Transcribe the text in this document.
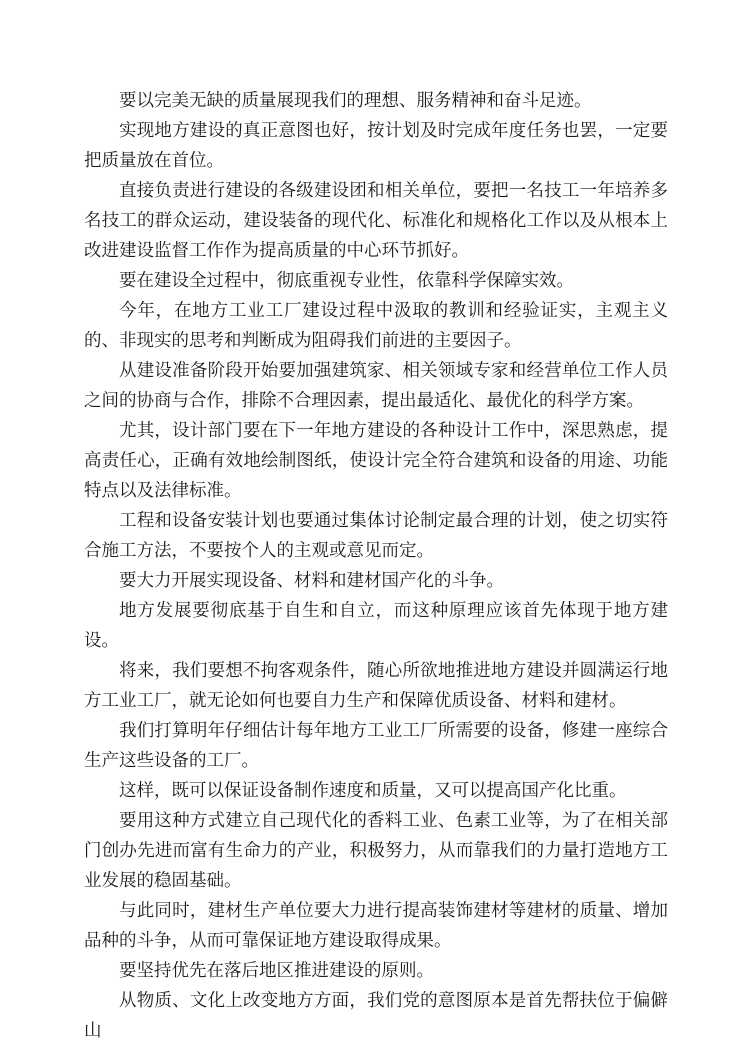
要以完美无缺的质量展现我们的理想、服务精神和奋斗足迹。

实现地方建设的真正意图也好，按计划及时完成年度任务也罢，一定要把质量放在首位。

直接负责进行建设的各级建设团和相关单位，要把一名技工一年培养多名技工的群众运动，建设装备的现代化、标准化和规格化工作以及从根本上改进建设监督工作作为提高质量的中心环节抓好。

要在建设全过程中，彻底重视专业性，依靠科学保障实效。

今年，在地方工业工厂建设过程中汲取的教训和经验证实，主观主义的、非现实的思考和判断成为阻碍我们前进的主要因子。

从建设准备阶段开始要加强建筑家、相关领域专家和经营单位工作人员之间的协商与合作，排除不合理因素，提出最适化、最优化的科学方案。

尤其，设计部门要在下一年地方建设的各种设计工作中，深思熟虑，提高责任心，正确有效地绘制图纸，使设计完全符合建筑和设备的用途、功能特点以及法律标准。

工程和设备安装计划也要通过集体讨论制定最合理的计划，使之切实符合施工方法，不要按个人的主观或意见而定。

要大力开展实现设备、材料和建材国产化的斗争。

地方发展要彻底基于自生和自立，而这种原理应该首先体现于地方建设。

将来，我们要想不拘客观条件，随心所欲地推进地方建设并圆满运行地方工业工厂，就无论如何也要自力生产和保障优质设备、材料和建材。

我们打算明年仔细估计每年地方工业工厂所需要的设备，修建一座综合生产这些设备的工厂。

这样，既可以保证设备制作速度和质量，又可以提高国产化比重。

要用这种方式建立自己现代化的香料工业、色素工业等，为了在相关部门创办先进而富有生命力的产业，积极努力，从而靠我们的力量打造地方工业发展的稳固基础。

与此同时，建材生产单位要大力进行提高装饰建材等建材的质量、增加品种的斗争，从而可靠保证地方建设取得成果。

要坚持优先在落后地区推进建设的原则。

从物质、文化上改变地方方面，我们党的意图原本是首先帮扶位于偏僻山
